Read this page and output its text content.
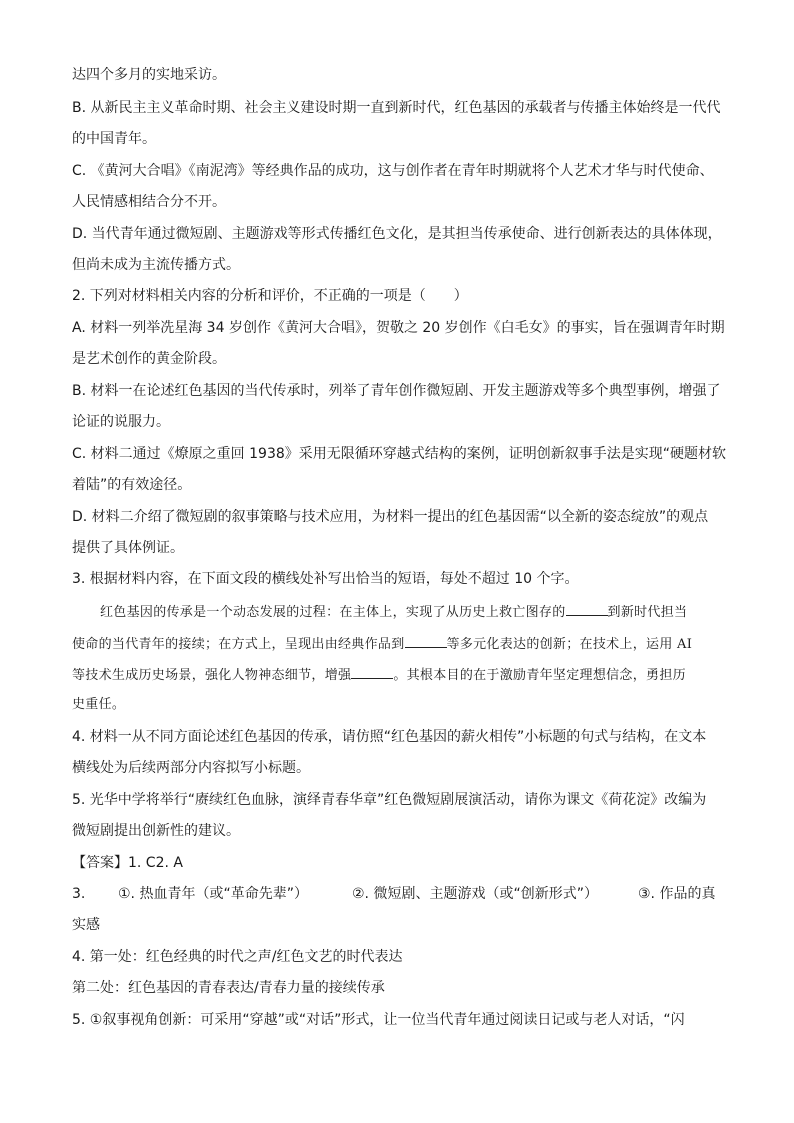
达四个多月的实地采访。
B. 从新民主主义革命时期、社会主义建设时期一直到新时代，红色基因的承载者与传播主体始终是一代代
的中国青年。
C. 《黄河大合唱》《南泥湾》等经典作品的成功，这与创作者在青年时期就将个人艺术才华与时代使命、
人民情感相结合分不开。
D. 当代青年通过微短剧、主题游戏等形式传播红色文化，是其担当传承使命、进行创新表达的具体体现，
但尚未成为主流传播方式。
2. 下列对材料相关内容的分析和评价，不正确的一项是（　　）
A. 材料一列举冼星海 34 岁创作《黄河大合唱》，贺敬之 20 岁创作《白毛女》的事实，旨在强调青年时期
是艺术创作的黄金阶段。
B. 材料一在论述红色基因的当代传承时，列举了青年创作微短剧、开发主题游戏等多个典型事例，增强了
论证的说服力。
C. 材料二通过《燎原之重回 1938》采用无限循环穿越式结构的案例，证明创新叙事手法是实现“硬题材软
着陆”的有效途径。
D. 材料二介绍了微短剧的叙事策略与技术应用，为材料一提出的红色基因需“以全新的姿态绽放”的观点
提供了具体例证。
3. 根据材料内容，在下面文段的横线处补写出恰当的短语，每处不超过 10 个字。
红色基因的传承是一个动态发展的过程：在主体上，实现了从历史上救亡图存的	到新时代担当
使命的当代青年的接续；在方式上，呈现出由经典作品到	等多元化表达的创新；在技术上，运用 AI
等技术生成历史场景，强化人物神态细节，增强	。其根本目的在于激励青年坚定理想信念，勇担历
史重任。
4. 材料一从不同方面论述红色基因的传承，请仿照“红色基因的薪火相传”小标题的句式与结构，在文本
横线处为后续两部分内容拟写小标题。
5. 光华中学将举行“赓续红色血脉，演绎青春华章”红色微短剧展演活动，请你为课文《荷花淀》改编为
微短剧提出创新性的建议。
【答案】1. C2. A
3. ①. 热血青年（或“革命先辈”）	②. 微短剧、主题游戏（或“创新形式”）	③. 作品的真
实感
4. 第一处：红色经典的时代之声/红色文艺的时代表达
第二处：红色基因的青春表达/青春力量的接续传承
5. ①叙事视角创新：可采用“穿越”或“对话”形式，让一位当代青年通过阅读日记或与老人对话，“闪
